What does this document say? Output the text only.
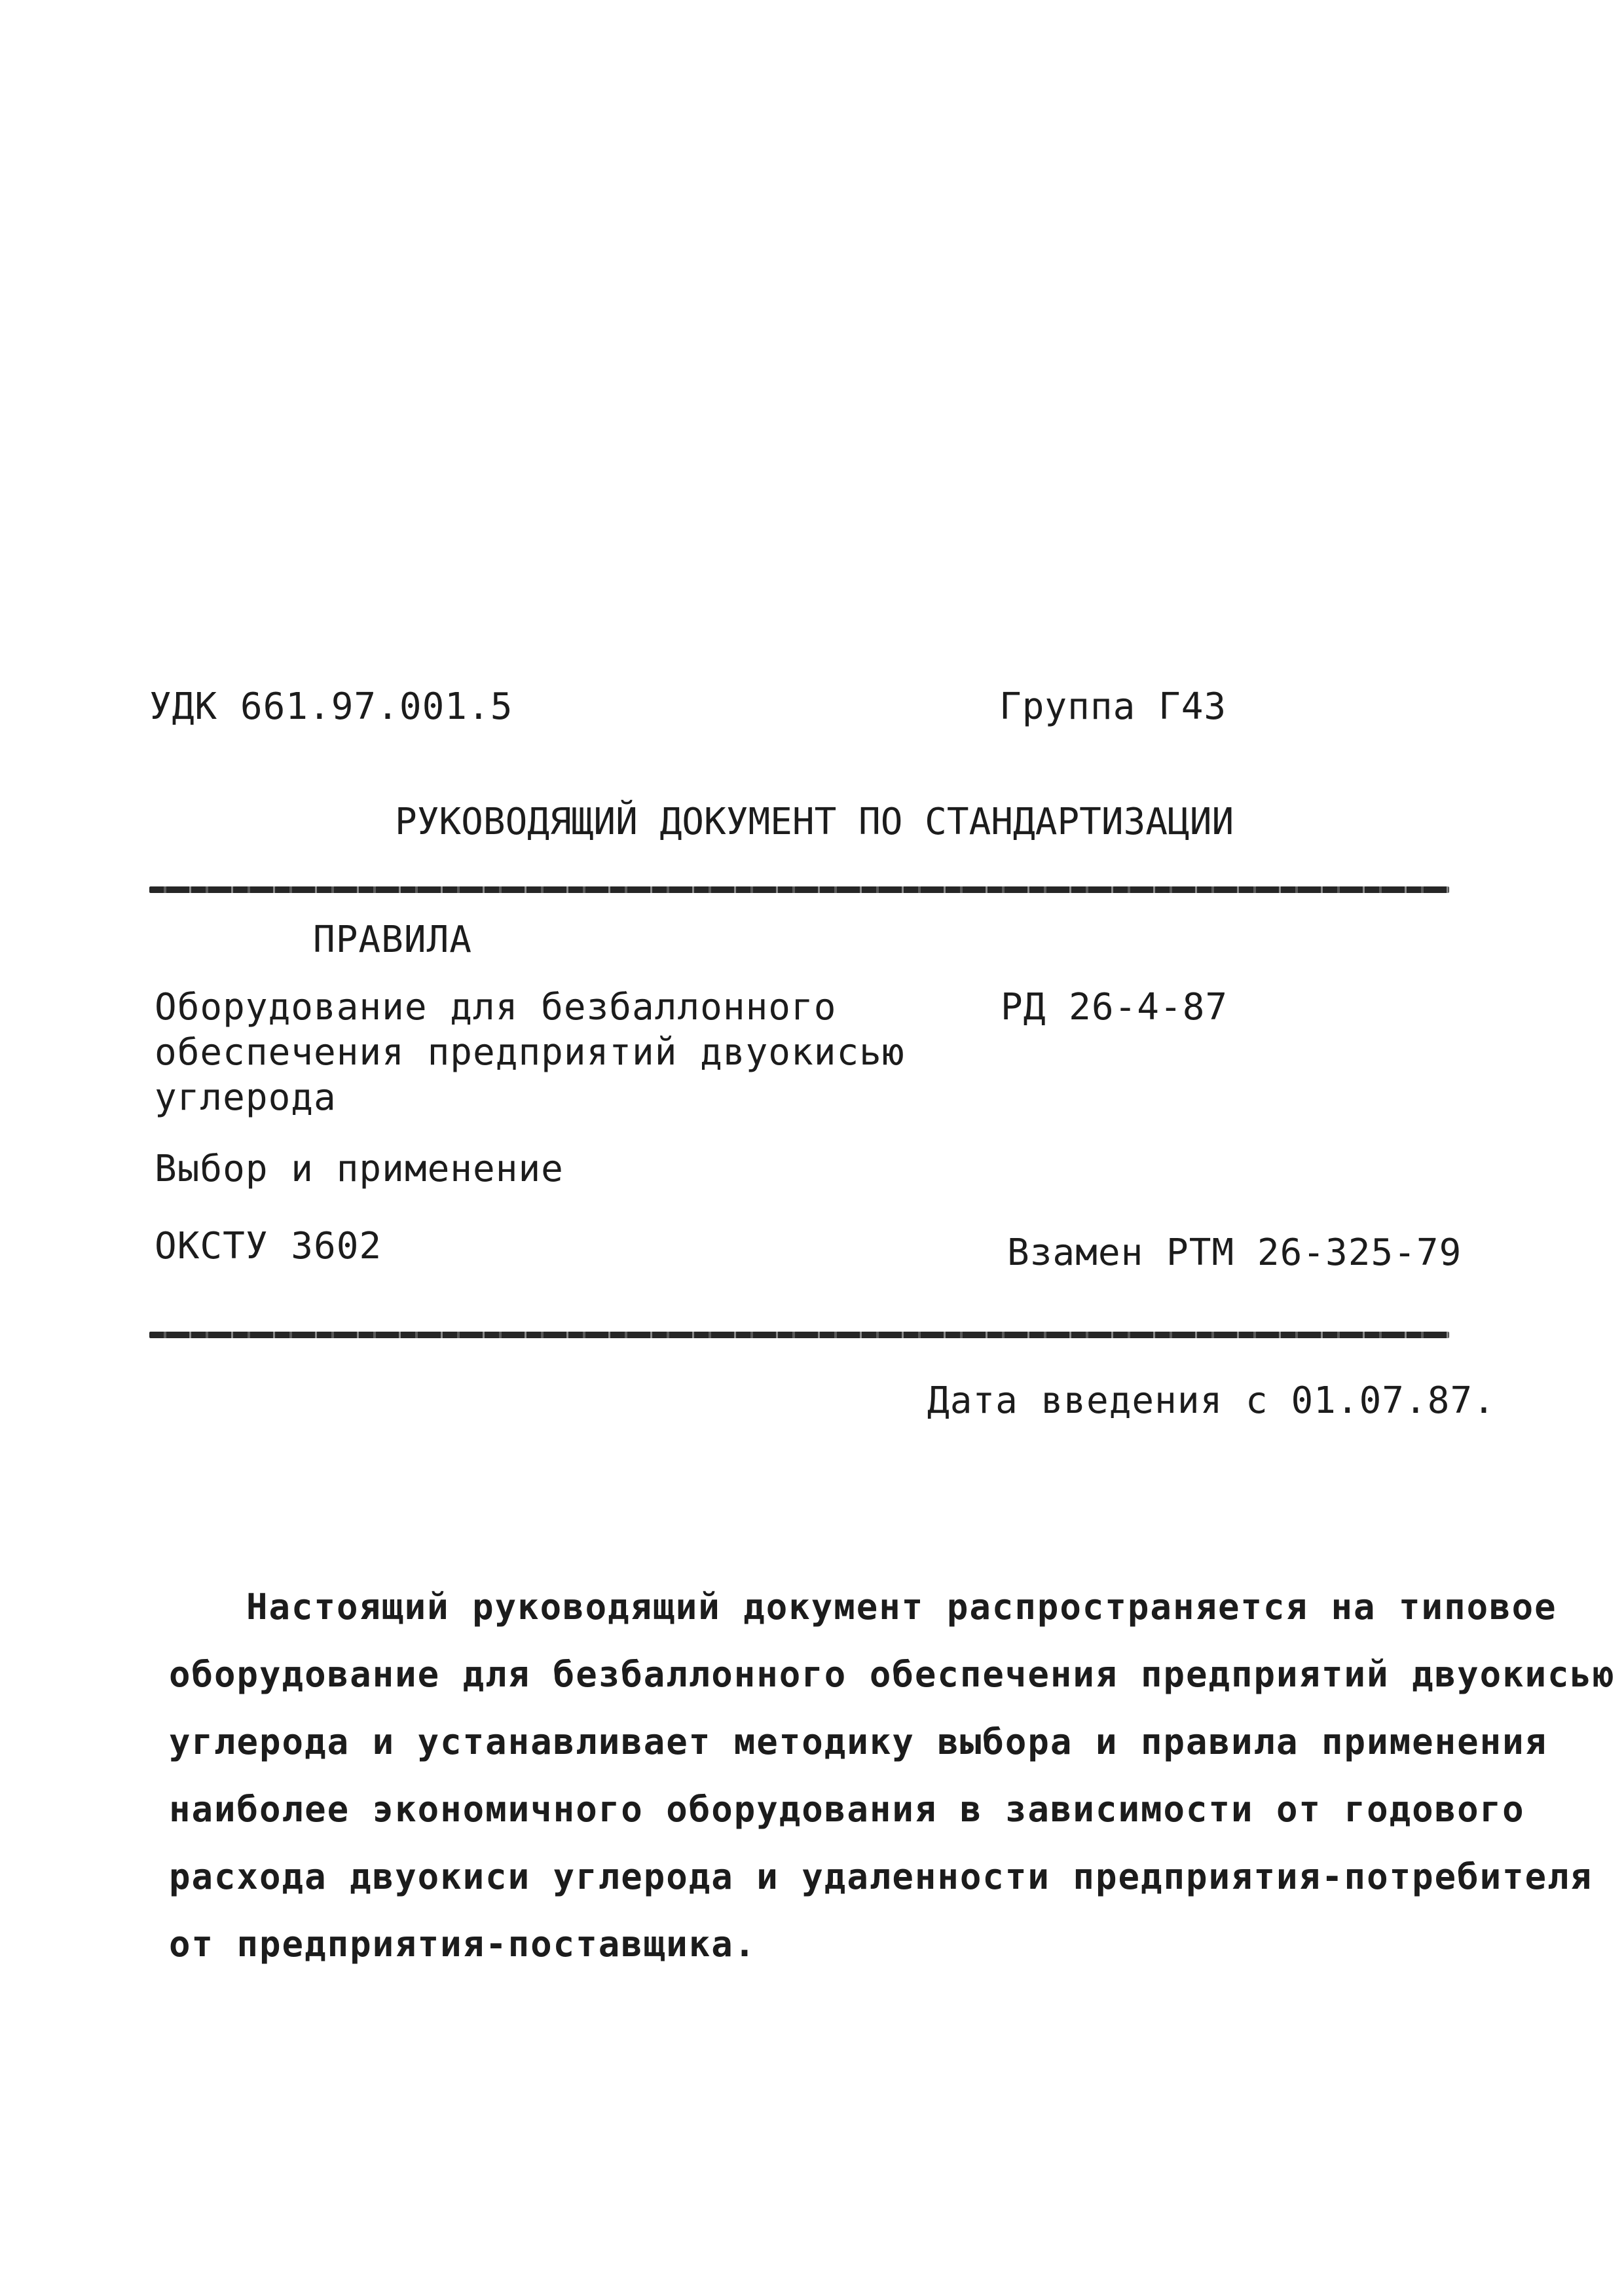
УДК 661.97.001.5	Группа Г43
РУКОВОДЯЩИЙ ДОКУМЕНТ ПО СТАНДАРТИЗАЦИИ
ПРАВИЛА
Оборудование для безбаллонного
обеспечения предприятий двуокисью
углерода
РД 26-4-87
Выбор и применение
ОКСТУ 3602	Взамен РТМ 26-325-79
Дата введения с 01.07.87.
Настоящий руководящий документ распространяется на типовое
оборудование для безбаллонного обеспечения предприятий двуокисью
углерода и устанавливает методику выбора и правила применения
наиболее экономичного оборудования в зависимости от годового
расхода двуокиси углерода и удаленности предприятия-потребителя
от предприятия-поставщика.
